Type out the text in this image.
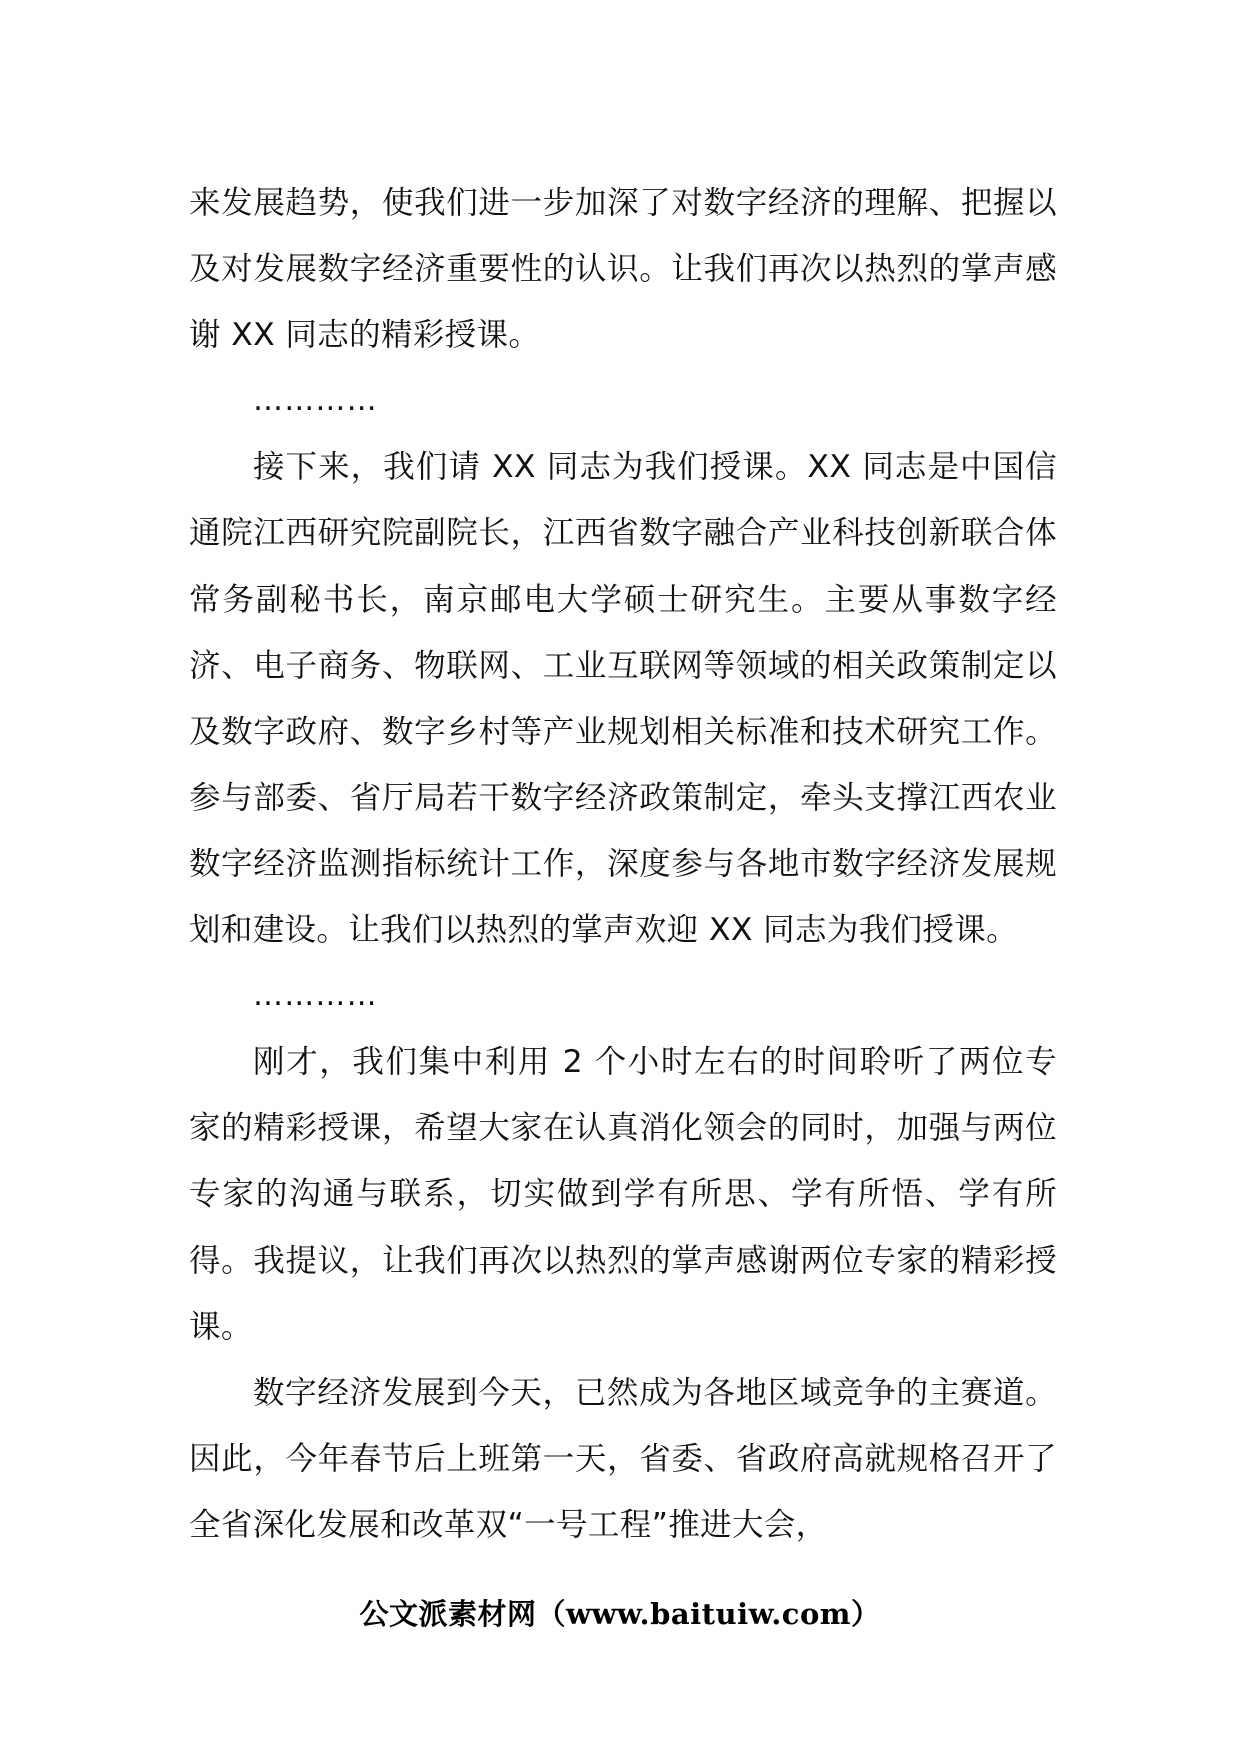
来发展趋势，使我们进一步加深了对数字经济的理解、把握以及对发展数字经济重要性的认识。让我们再次以热烈的掌声感谢 XX 同志的精彩授课。

…………

接下来，我们请 XX 同志为我们授课。XX 同志是中国信通院江西研究院副院长，江西省数字融合产业科技创新联合体常务副秘书长，南京邮电大学硕士研究生。主要从事数字经济、电子商务、物联网、工业互联网等领域的相关政策制定以及数字政府、数字乡村等产业规划相关标准和技术研究工作。参与部委、省厅局若干数字经济政策制定，牵头支撑江西农业数字经济监测指标统计工作，深度参与各地市数字经济发展规划和建设。让我们以热烈的掌声欢迎 XX 同志为我们授课。

…………

刚才，我们集中利用 2 个小时左右的时间聆听了两位专家的精彩授课，希望大家在认真消化领会的同时，加强与两位专家的沟通与联系，切实做到学有所思、学有所悟、学有所得。我提议，让我们再次以热烈的掌声感谢两位专家的精彩授课。

数字经济发展到今天，已然成为各地区域竞争的主赛道。因此，今年春节后上班第一天，省委、省政府高就规格召开了全省深化发展和改革双“一号工程”推进大会，

公文派素材网（www.baituiw.com）
